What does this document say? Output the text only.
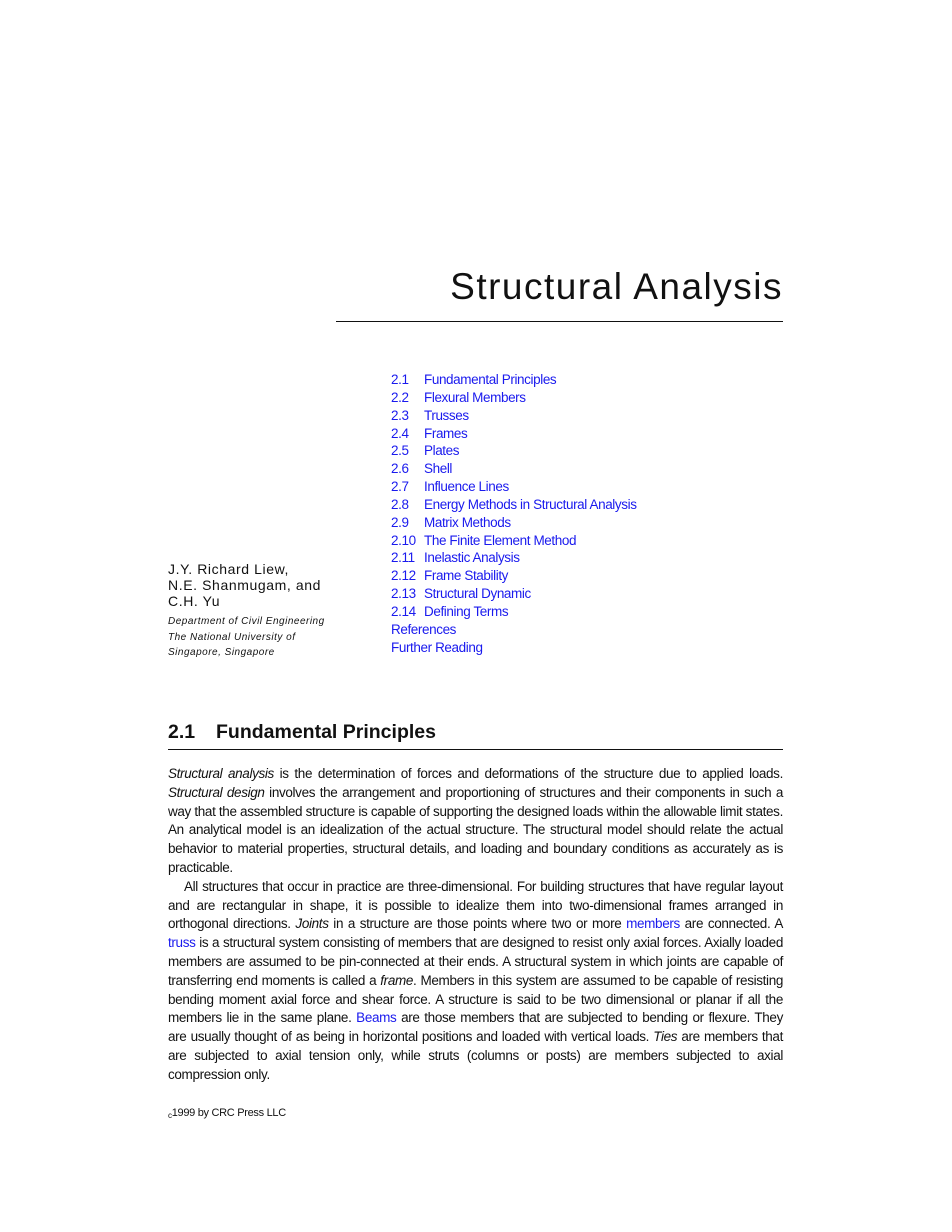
Structural Analysis
2.1 Fundamental Principles
2.2 Flexural Members
2.3 Trusses
2.4 Frames
2.5 Plates
2.6 Shell
2.7 Influence Lines
2.8 Energy Methods in Structural Analysis
2.9 Matrix Methods
2.10 The Finite Element Method
2.11 Inelastic Analysis
2.12 Frame Stability
2.13 Structural Dynamic
2.14 Defining Terms
References
Further Reading
J.Y. Richard Liew,
N.E. Shanmugam, and
C.H. Yu
Department of Civil Engineering
The National University of
Singapore, Singapore
2.1 Fundamental Principles

Structural analysis is the determination of forces and deformations of the structure due to applied loads. Structural design involves the arrangement and proportioning of structures and their components in such a way that the assembled structure is capable of supporting the designed loads within the allowable limit states. An analytical model is an idealization of the actual structure. The structural model should relate the actual behavior to material properties, structural details, and loading and boundary conditions as accurately as is practicable.

All structures that occur in practice are three-dimensional. For building structures that have regular layout and are rectangular in shape, it is possible to idealize them into two-dimensional frames arranged in orthogonal directions. Joints in a structure are those points where two or more members are connected. A truss is a structural system consisting of members that are designed to resist only axial forces. Axially loaded members are assumed to be pin-connected at their ends. A structural system in which joints are capable of transferring end moments is called a frame. Members in this system are assumed to be capable of resisting bending moment axial force and shear force. A structure is said to be two dimensional or planar if all the members lie in the same plane. Beams are those members that are subjected to bending or flexure. They are usually thought of as being in horizontal positions and loaded with vertical loads. Ties are members that are subjected to axial tension only, while struts (columns or posts) are members subjected to axial compression only.

c1999 by CRC Press LLC
